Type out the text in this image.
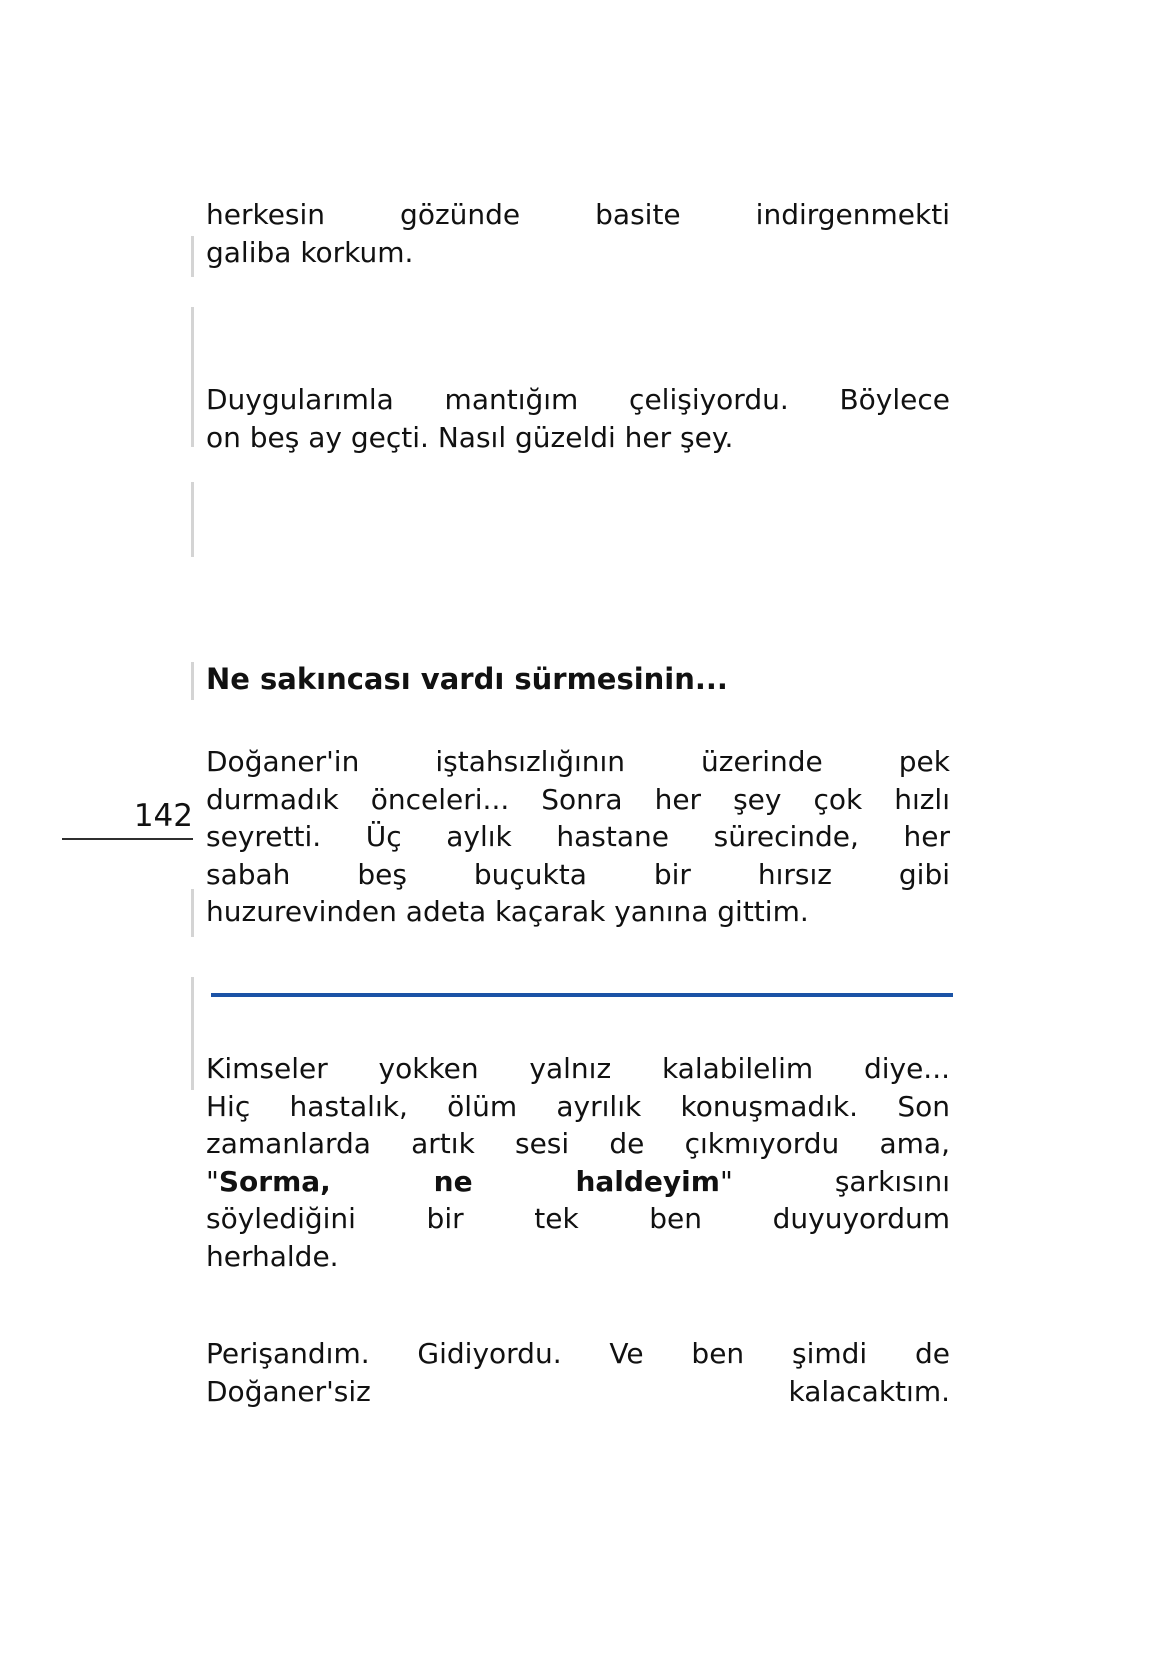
142
herkesin gözünde basite indirgenmekti
galiba korkum.
Duygularımla mantığım çelişiyordu. Böylece
on beş ay geçti. Nasıl güzeldi her şey.
Ne sakıncası vardı sürmesinin...
Doğaner'in iştahsızlığının üzerinde pek
durmadık önceleri... Sonra her şey çok hızlı
seyretti. Üç aylık hastane sürecinde, her
sabah beş buçukta bir hırsız gibi
huzurevinden adeta kaçarak yanına gittim.
Kimseler yokken yalnız kalabilelim diye...
Hiç hastalık, ölüm ayrılık konuşmadık. Son
zamanlarda artık sesi de çıkmıyordu ama,
"Sorma, ne haldeyim" şarkısını
söylediğini bir tek ben duyuyordum
herhalde.
Perişandım. Gidiyordu. Ve ben şimdi de
Doğaner'siz kalacaktım.
